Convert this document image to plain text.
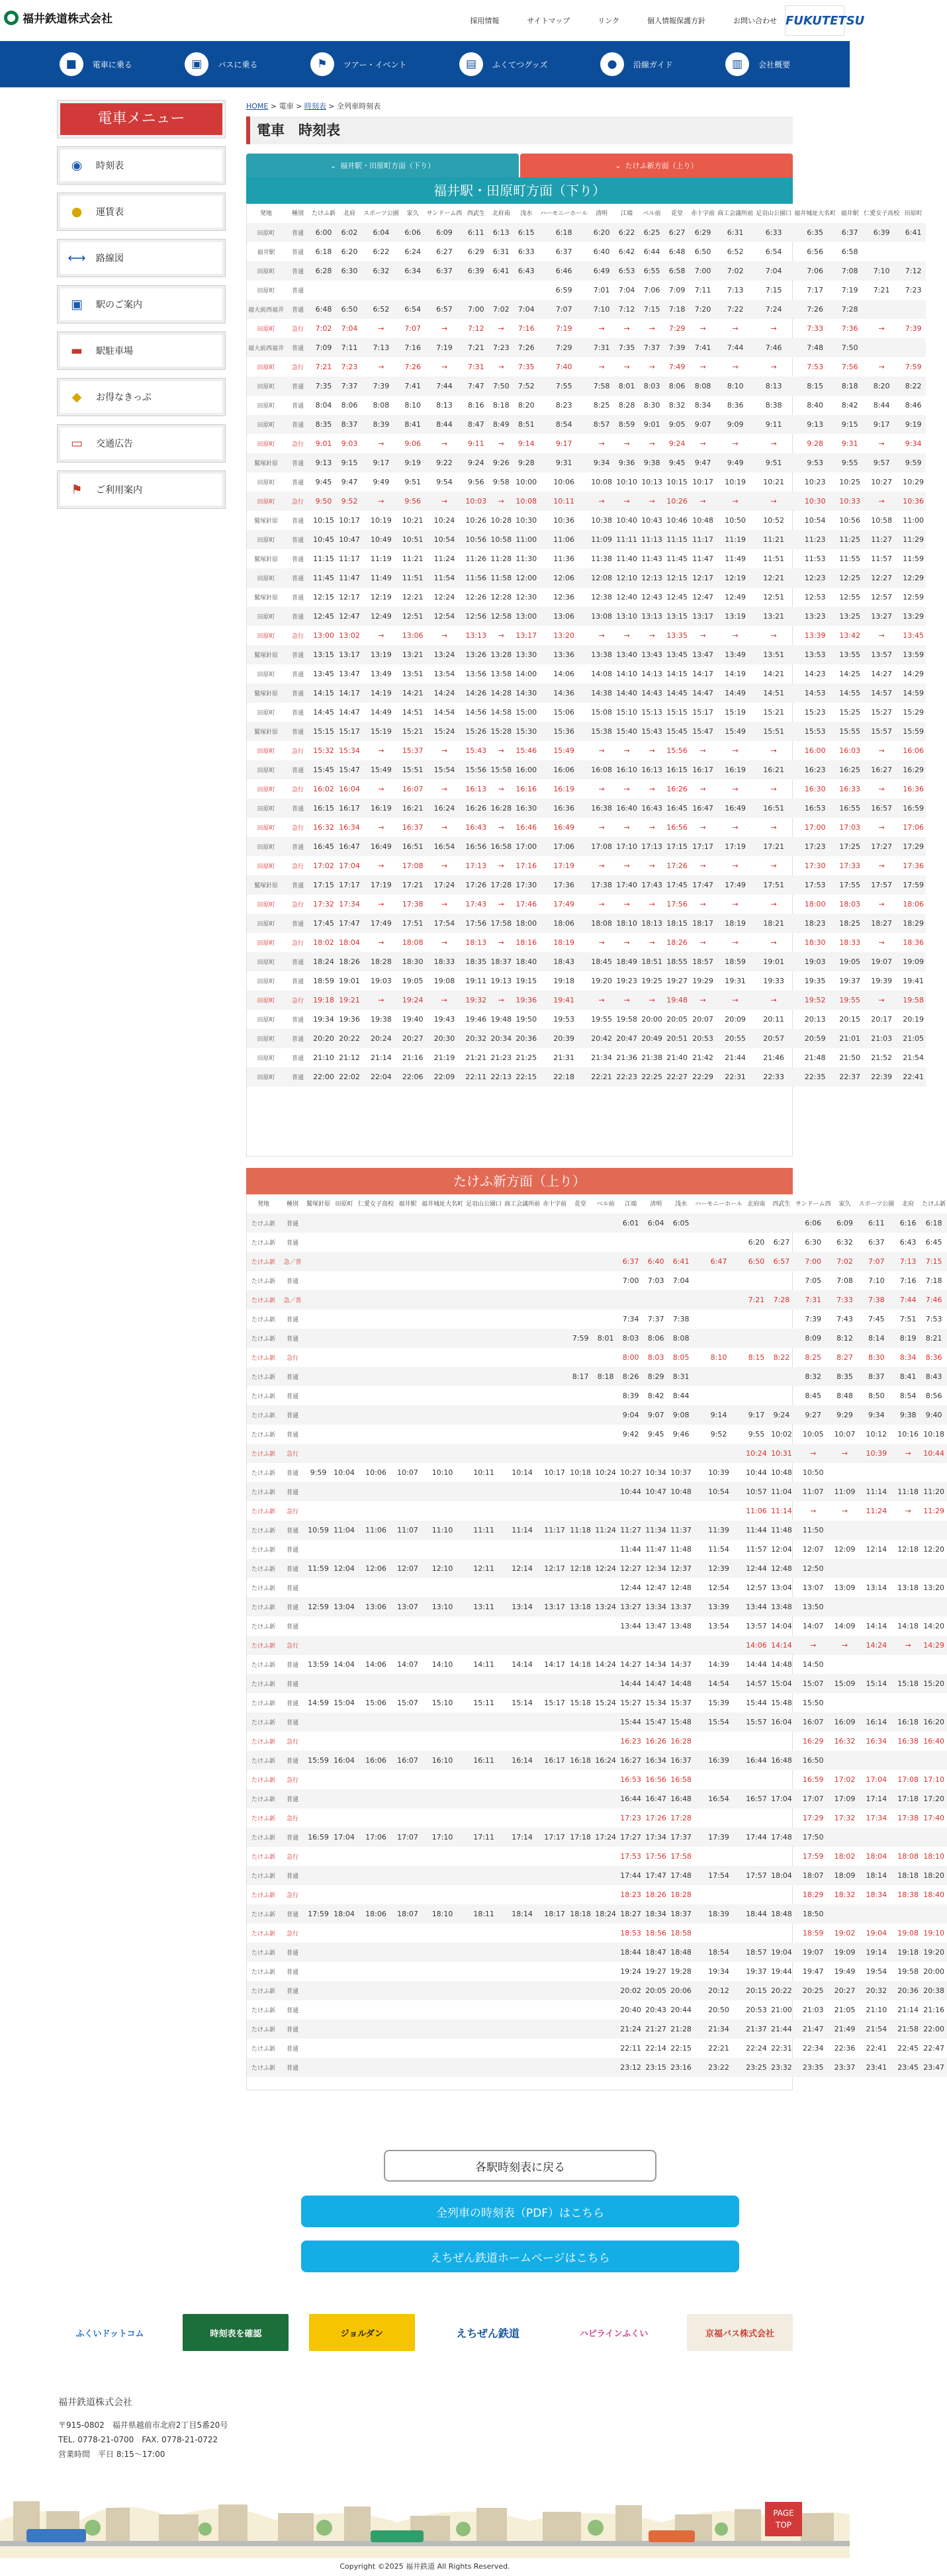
福井鉄道株式会社	採用情報	サイトマップ	リンク	個人情報保護方針	お問い合わせ FUKUTETSU
■	電車に乗る	▣	バスに乗る	⚑	ツアー・イベント	▤	ふくてつグッズ	●	沿線ガイド	▥	会社概要
電車メニュー
◉	時刻表
●	運賃表
⟷ 路線図
▣	駅のご案内
▬	駅駐車場
◆	お得なきっぷ
▭	交通広告
⚑	ご利用案内
HOME > 電車 > 時刻表 > 全列車時刻表
電車　時刻表
⌄ 福井駅・田原町方面（下り）	⌄ たけふ新方面（上り）
福井駅・田原町方面（下り）
発地	種別	たけふ新	北府	スポーツ公園	家久	サンドーム西	西武生	北府南	浅水	ハーモニーホール	清明	江端	ベル前	花堂	赤十字前	商工会議所前	足羽山公園口	福井城址大名町	福井駅	仁愛女子高校	田原町
田原町	普通	6:00	6:02	6:04	6:06	6:09	6:11	6:13	6:15	6:18	6:20	6:22	6:25	6:27	6:29	6:31	6:33	6:35	6:37	6:39	6:41
福井駅	普通	6:18	6:20	6:22	6:24	6:27	6:29	6:31	6:33	6:37	6:40	6:42	6:44	6:48	6:50	6:52	6:54	6:56	6:58		
田原町	普通	6:28	6:30	6:32	6:34	6:37	6:39	6:41	6:43	6:46	6:49	6:53	6:55	6:58	7:00	7:02	7:04	7:06	7:08	7:10	7:12
田原町	普通									6:59	7:01	7:04	7:06	7:09	7:11	7:13	7:15	7:17	7:19	7:21	7:23
福大前西福井	普通	6:48	6:50	6:52	6:54	6:57	7:00	7:02	7:04	7:07	7:10	7:12	7:15	7:18	7:20	7:22	7:24	7:26	7:28		
田原町	急行	7:02	7:04	→	7:07	→	7:12	→	7:16	7:19	→	→	→	7:29	→	→	→	7:33	7:36	→	7:39
福大前西福井	普通	7:09	7:11	7:13	7:16	7:19	7:21	7:23	7:26	7:29	7:31	7:35	7:37	7:39	7:41	7:44	7:46	7:48	7:50		
田原町	急行	7:21	7:23	→	7:26	→	7:31	→	7:35	7:40	→	→	→	7:49	→	→	→	7:53	7:56	→	7:59
田原町	普通	7:35	7:37	7:39	7:41	7:44	7:47	7:50	7:52	7:55	7:58	8:01	8:03	8:06	8:08	8:10	8:13	8:15	8:18	8:20	8:22
田原町	普通	8:04	8:06	8:08	8:10	8:13	8:16	8:18	8:20	8:23	8:25	8:28	8:30	8:32	8:34	8:36	8:38	8:40	8:42	8:44	8:46
田原町	普通	8:35	8:37	8:39	8:41	8:44	8:47	8:49	8:51	8:54	8:57	8:59	9:01	9:05	9:07	9:09	9:11	9:13	9:15	9:17	9:19
田原町	急行	9:01	9:03	→	9:06	→	9:11	→	9:14	9:17	→	→	→	9:24	→	→	→	9:28	9:31	→	9:34
鷲塚針原	普通	9:13	9:15	9:17	9:19	9:22	9:24	9:26	9:28	9:31	9:34	9:36	9:38	9:45	9:47	9:49	9:51	9:53	9:55	9:57	9:59
田原町	普通	9:45	9:47	9:49	9:51	9:54	9:56	9:58	10:00	10:06	10:08	10:10	10:13	10:15	10:17	10:19	10:21	10:23	10:25	10:27	10:29
田原町	急行	9:50	9:52	→	9:56	→	10:03	→	10:08	10:11	→	→	→	10:26	→	→	→	10:30	10:33	→	10:36
鷲塚針原	普通	10:15	10:17	10:19	10:21	10:24	10:26	10:28	10:30	10:36	10:38	10:40	10:43	10:46	10:48	10:50	10:52	10:54	10:56	10:58	11:00
田原町	普通	10:45	10:47	10:49	10:51	10:54	10:56	10:58	11:00	11:06	11:09	11:11	11:13	11:15	11:17	11:19	11:21	11:23	11:25	11:27	11:29
鷲塚針原	普通	11:15	11:17	11:19	11:21	11:24	11:26	11:28	11:30	11:36	11:38	11:40	11:43	11:45	11:47	11:49	11:51	11:53	11:55	11:57	11:59
田原町	普通	11:45	11:47	11:49	11:51	11:54	11:56	11:58	12:00	12:06	12:08	12:10	12:13	12:15	12:17	12:19	12:21	12:23	12:25	12:27	12:29
鷲塚針原	普通	12:15	12:17	12:19	12:21	12:24	12:26	12:28	12:30	12:36	12:38	12:40	12:43	12:45	12:47	12:49	12:51	12:53	12:55	12:57	12:59
田原町	普通	12:45	12:47	12:49	12:51	12:54	12:56	12:58	13:00	13:06	13:08	13:10	13:13	13:15	13:17	13:19	13:21	13:23	13:25	13:27	13:29
田原町	急行	13:00	13:02	→	13:06	→	13:13	→	13:17	13:20	→	→	→	13:35	→	→	→	13:39	13:42	→	13:45
鷲塚針原	普通	13:15	13:17	13:19	13:21	13:24	13:26	13:28	13:30	13:36	13:38	13:40	13:43	13:45	13:47	13:49	13:51	13:53	13:55	13:57	13:59
田原町	普通	13:45	13:47	13:49	13:51	13:54	13:56	13:58	14:00	14:06	14:08	14:10	14:13	14:15	14:17	14:19	14:21	14:23	14:25	14:27	14:29
鷲塚針原	普通	14:15	14:17	14:19	14:21	14:24	14:26	14:28	14:30	14:36	14:38	14:40	14:43	14:45	14:47	14:49	14:51	14:53	14:55	14:57	14:59
田原町	普通	14:45	14:47	14:49	14:51	14:54	14:56	14:58	15:00	15:06	15:08	15:10	15:13	15:15	15:17	15:19	15:21	15:23	15:25	15:27	15:29
鷲塚針原	普通	15:15	15:17	15:19	15:21	15:24	15:26	15:28	15:30	15:36	15:38	15:40	15:43	15:45	15:47	15:49	15:51	15:53	15:55	15:57	15:59
田原町	急行	15:32	15:34	→	15:37	→	15:43	→	15:46	15:49	→	→	→	15:56	→	→	→	16:00	16:03	→	16:06
田原町	普通	15:45	15:47	15:49	15:51	15:54	15:56	15:58	16:00	16:06	16:08	16:10	16:13	16:15	16:17	16:19	16:21	16:23	16:25	16:27	16:29
田原町	急行	16:02	16:04	→	16:07	→	16:13	→	16:16	16:19	→	→	→	16:26	→	→	→	16:30	16:33	→	16:36
田原町	普通	16:15	16:17	16:19	16:21	16:24	16:26	16:28	16:30	16:36	16:38	16:40	16:43	16:45	16:47	16:49	16:51	16:53	16:55	16:57	16:59
田原町	急行	16:32	16:34	→	16:37	→	16:43	→	16:46	16:49	→	→	→	16:56	→	→	→	17:00	17:03	→	17:06
田原町	普通	16:45	16:47	16:49	16:51	16:54	16:56	16:58	17:00	17:06	17:08	17:10	17:13	17:15	17:17	17:19	17:21	17:23	17:25	17:27	17:29
田原町	急行	17:02	17:04	→	17:08	→	17:13	→	17:16	17:19	→	→	→	17:26	→	→	→	17:30	17:33	→	17:36
鷲塚針原	普通	17:15	17:17	17:19	17:21	17:24	17:26	17:28	17:30	17:36	17:38	17:40	17:43	17:45	17:47	17:49	17:51	17:53	17:55	17:57	17:59
田原町	急行	17:32	17:34	→	17:38	→	17:43	→	17:46	17:49	→	→	→	17:56	→	→	→	18:00	18:03	→	18:06
田原町	普通	17:45	17:47	17:49	17:51	17:54	17:56	17:58	18:00	18:06	18:08	18:10	18:13	18:15	18:17	18:19	18:21	18:23	18:25	18:27	18:29
田原町	急行	18:02	18:04	→	18:08	→	18:13	→	18:16	18:19	→	→	→	18:26	→	→	→	18:30	18:33	→	18:36
田原町	普通	18:24	18:26	18:28	18:30	18:33	18:35	18:37	18:40	18:43	18:45	18:49	18:51	18:55	18:57	18:59	19:01	19:03	19:05	19:07	19:09
田原町	普通	18:59	19:01	19:03	19:05	19:08	19:11	19:13	19:15	19:18	19:20	19:23	19:25	19:27	19:29	19:31	19:33	19:35	19:37	19:39	19:41
田原町	急行	19:18	19:21	→	19:24	→	19:32	→	19:36	19:41	→	→	→	19:48	→	→	→	19:52	19:55	→	19:58
田原町	普通	19:34	19:36	19:38	19:40	19:43	19:46	19:48	19:50	19:53	19:55	19:58	20:00	20:05	20:07	20:09	20:11	20:13	20:15	20:17	20:19
田原町	普通	20:20	20:22	20:24	20:27	20:30	20:32	20:34	20:36	20:39	20:42	20:47	20:49	20:51	20:53	20:55	20:57	20:59	21:01	21:03	21:05
田原町	普通	21:10	21:12	21:14	21:16	21:19	21:21	21:23	21:25	21:31	21:34	21:36	21:38	21:40	21:42	21:44	21:46	21:48	21:50	21:52	21:54
田原町	普通	22:00	22:02	22:04	22:06	22:09	22:11	22:13	22:15	22:18	22:21	22:23	22:25	22:27	22:29	22:31	22:33	22:35	22:37	22:39	22:41
たけふ新方面（上り）
発地	種別	鷲塚針原	田原町	仁愛女子高校	福井駅	福井城址大名町	足羽山公園口	商工会議所前	赤十字前	花堂	ベル前	江端	清明	浅水	ハーモニーホール	北府南	西武生	サンドーム西	家久	スポーツ公園	北府	たけふ新
たけふ新	普通											6:01	6:04	6:05				6:06	6:09	6:11	6:16	6:18
たけふ新	普通															6:20	6:27	6:30	6:32	6:37	6:43	6:45
たけふ新	急／普											6:37	6:40	6:41	6:47	6:50	6:57	7:00	7:02	7:07	7:13	7:15
たけふ新	普通											7:00	7:03	7:04				7:05	7:08	7:10	7:16	7:18
たけふ新	急／普															7:21	7:28	7:31	7:33	7:38	7:44	7:46
たけふ新	普通											7:34	7:37	7:38				7:39	7:43	7:45	7:51	7:53
たけふ新	普通									7:59	8:01	8:03	8:06	8:08				8:09	8:12	8:14	8:19	8:21
たけふ新	急行											8:00	8:03	8:05	8:10	8:15	8:22	8:25	8:27	8:30	8:34	8:36
たけふ新	普通									8:17	8:18	8:26	8:29	8:31				8:32	8:35	8:37	8:41	8:43
たけふ新	普通											8:39	8:42	8:44				8:45	8:48	8:50	8:54	8:56
たけふ新	普通											9:04	9:07	9:08	9:14	9:17	9:24	9:27	9:29	9:34	9:38	9:40
たけふ新	普通											9:42	9:45	9:46	9:52	9:55	10:02	10:05	10:07	10:12	10:16	10:18
たけふ新	急行															10:24	10:31	→	→	10:39	→	10:44
たけふ新	普通	9:59	10:04	10:06	10:07	10:10	10:11	10:14	10:17	10:18	10:24	10:27	10:34	10:37	10:39	10:44	10:48	10:50				
たけふ新	普通											10:44	10:47	10:48	10:54	10:57	11:04	11:07	11:09	11:14	11:18	11:20
たけふ新	急行															11:06	11:14	→	→	11:24	→	11:29
たけふ新	普通	10:59	11:04	11:06	11:07	11:10	11:11	11:14	11:17	11:18	11:24	11:27	11:34	11:37	11:39	11:44	11:48	11:50				
たけふ新	普通											11:44	11:47	11:48	11:54	11:57	12:04	12:07	12:09	12:14	12:18	12:20
たけふ新	普通	11:59	12:04	12:06	12:07	12:10	12:11	12:14	12:17	12:18	12:24	12:27	12:34	12:37	12:39	12:44	12:48	12:50				
たけふ新	普通											12:44	12:47	12:48	12:54	12:57	13:04	13:07	13:09	13:14	13:18	13:20
たけふ新	普通	12:59	13:04	13:06	13:07	13:10	13:11	13:14	13:17	13:18	13:24	13:27	13:34	13:37	13:39	13:44	13:48	13:50				
たけふ新	普通											13:44	13:47	13:48	13:54	13:57	14:04	14:07	14:09	14:14	14:18	14:20
たけふ新	急行															14:06	14:14	→	→	14:24	→	14:29
たけふ新	普通	13:59	14:04	14:06	14:07	14:10	14:11	14:14	14:17	14:18	14:24	14:27	14:34	14:37	14:39	14:44	14:48	14:50				
たけふ新	普通											14:44	14:47	14:48	14:54	14:57	15:04	15:07	15:09	15:14	15:18	15:20
たけふ新	普通	14:59	15:04	15:06	15:07	15:10	15:11	15:14	15:17	15:18	15:24	15:27	15:34	15:37	15:39	15:44	15:48	15:50				
たけふ新	普通											15:44	15:47	15:48	15:54	15:57	16:04	16:07	16:09	16:14	16:18	16:20
たけふ新	急行											16:23	16:26	16:28				16:29	16:32	16:34	16:38	16:40
たけふ新	普通	15:59	16:04	16:06	16:07	16:10	16:11	16:14	16:17	16:18	16:24	16:27	16:34	16:37	16:39	16:44	16:48	16:50				
たけふ新	急行											16:53	16:56	16:58				16:59	17:02	17:04	17:08	17:10
たけふ新	普通											16:44	16:47	16:48	16:54	16:57	17:04	17:07	17:09	17:14	17:18	17:20
たけふ新	急行											17:23	17:26	17:28				17:29	17:32	17:34	17:38	17:40
たけふ新	普通	16:59	17:04	17:06	17:07	17:10	17:11	17:14	17:17	17:18	17:24	17:27	17:34	17:37	17:39	17:44	17:48	17:50				
たけふ新	急行											17:53	17:56	17:58				17:59	18:02	18:04	18:08	18:10
たけふ新	普通											17:44	17:47	17:48	17:54	17:57	18:04	18:07	18:09	18:14	18:18	18:20
たけふ新	急行											18:23	18:26	18:28				18:29	18:32	18:34	18:38	18:40
たけふ新	普通	17:59	18:04	18:06	18:07	18:10	18:11	18:14	18:17	18:18	18:24	18:27	18:34	18:37	18:39	18:44	18:48	18:50				
たけふ新	急行											18:53	18:56	18:58				18:59	19:02	19:04	19:08	19:10
たけふ新	普通											18:44	18:47	18:48	18:54	18:57	19:04	19:07	19:09	19:14	19:18	19:20
たけふ新	普通											19:24	19:27	19:28	19:34	19:37	19:44	19:47	19:49	19:54	19:58	20:00
たけふ新	普通											20:02	20:05	20:06	20:12	20:15	20:22	20:25	20:27	20:32	20:36	20:38
たけふ新	普通											20:40	20:43	20:44	20:50	20:53	21:00	21:03	21:05	21:10	21:14	21:16
たけふ新	普通											21:24	21:27	21:28	21:34	21:37	21:44	21:47	21:49	21:54	21:58	22:00
たけふ新	普通											22:11	22:14	22:15	22:21	22:24	22:31	22:34	22:36	22:41	22:45	22:47
たけふ新	普通											23:12	23:15	23:16	23:22	23:25	23:32	23:35	23:37	23:41	23:45	23:47
各駅時刻表に戻る
全列車の時刻表（PDF）はこちら
えちぜん鉄道ホームページはこちら
ふくいドットコム	時刻表を確認	ジョルダン	えちぜん鉄道	ハピラインふくい	京福バス株式会社
福井鉄道株式会社
〒915-0802　福井県越前市北府2丁目5番20号
TEL. 0778-21-0700　FAX. 0778-21-0722
営業時間　平日 8:15〜17:00
PAGE TOP
Copyright ©2025 福井鉄道 All Rights Reserved.
